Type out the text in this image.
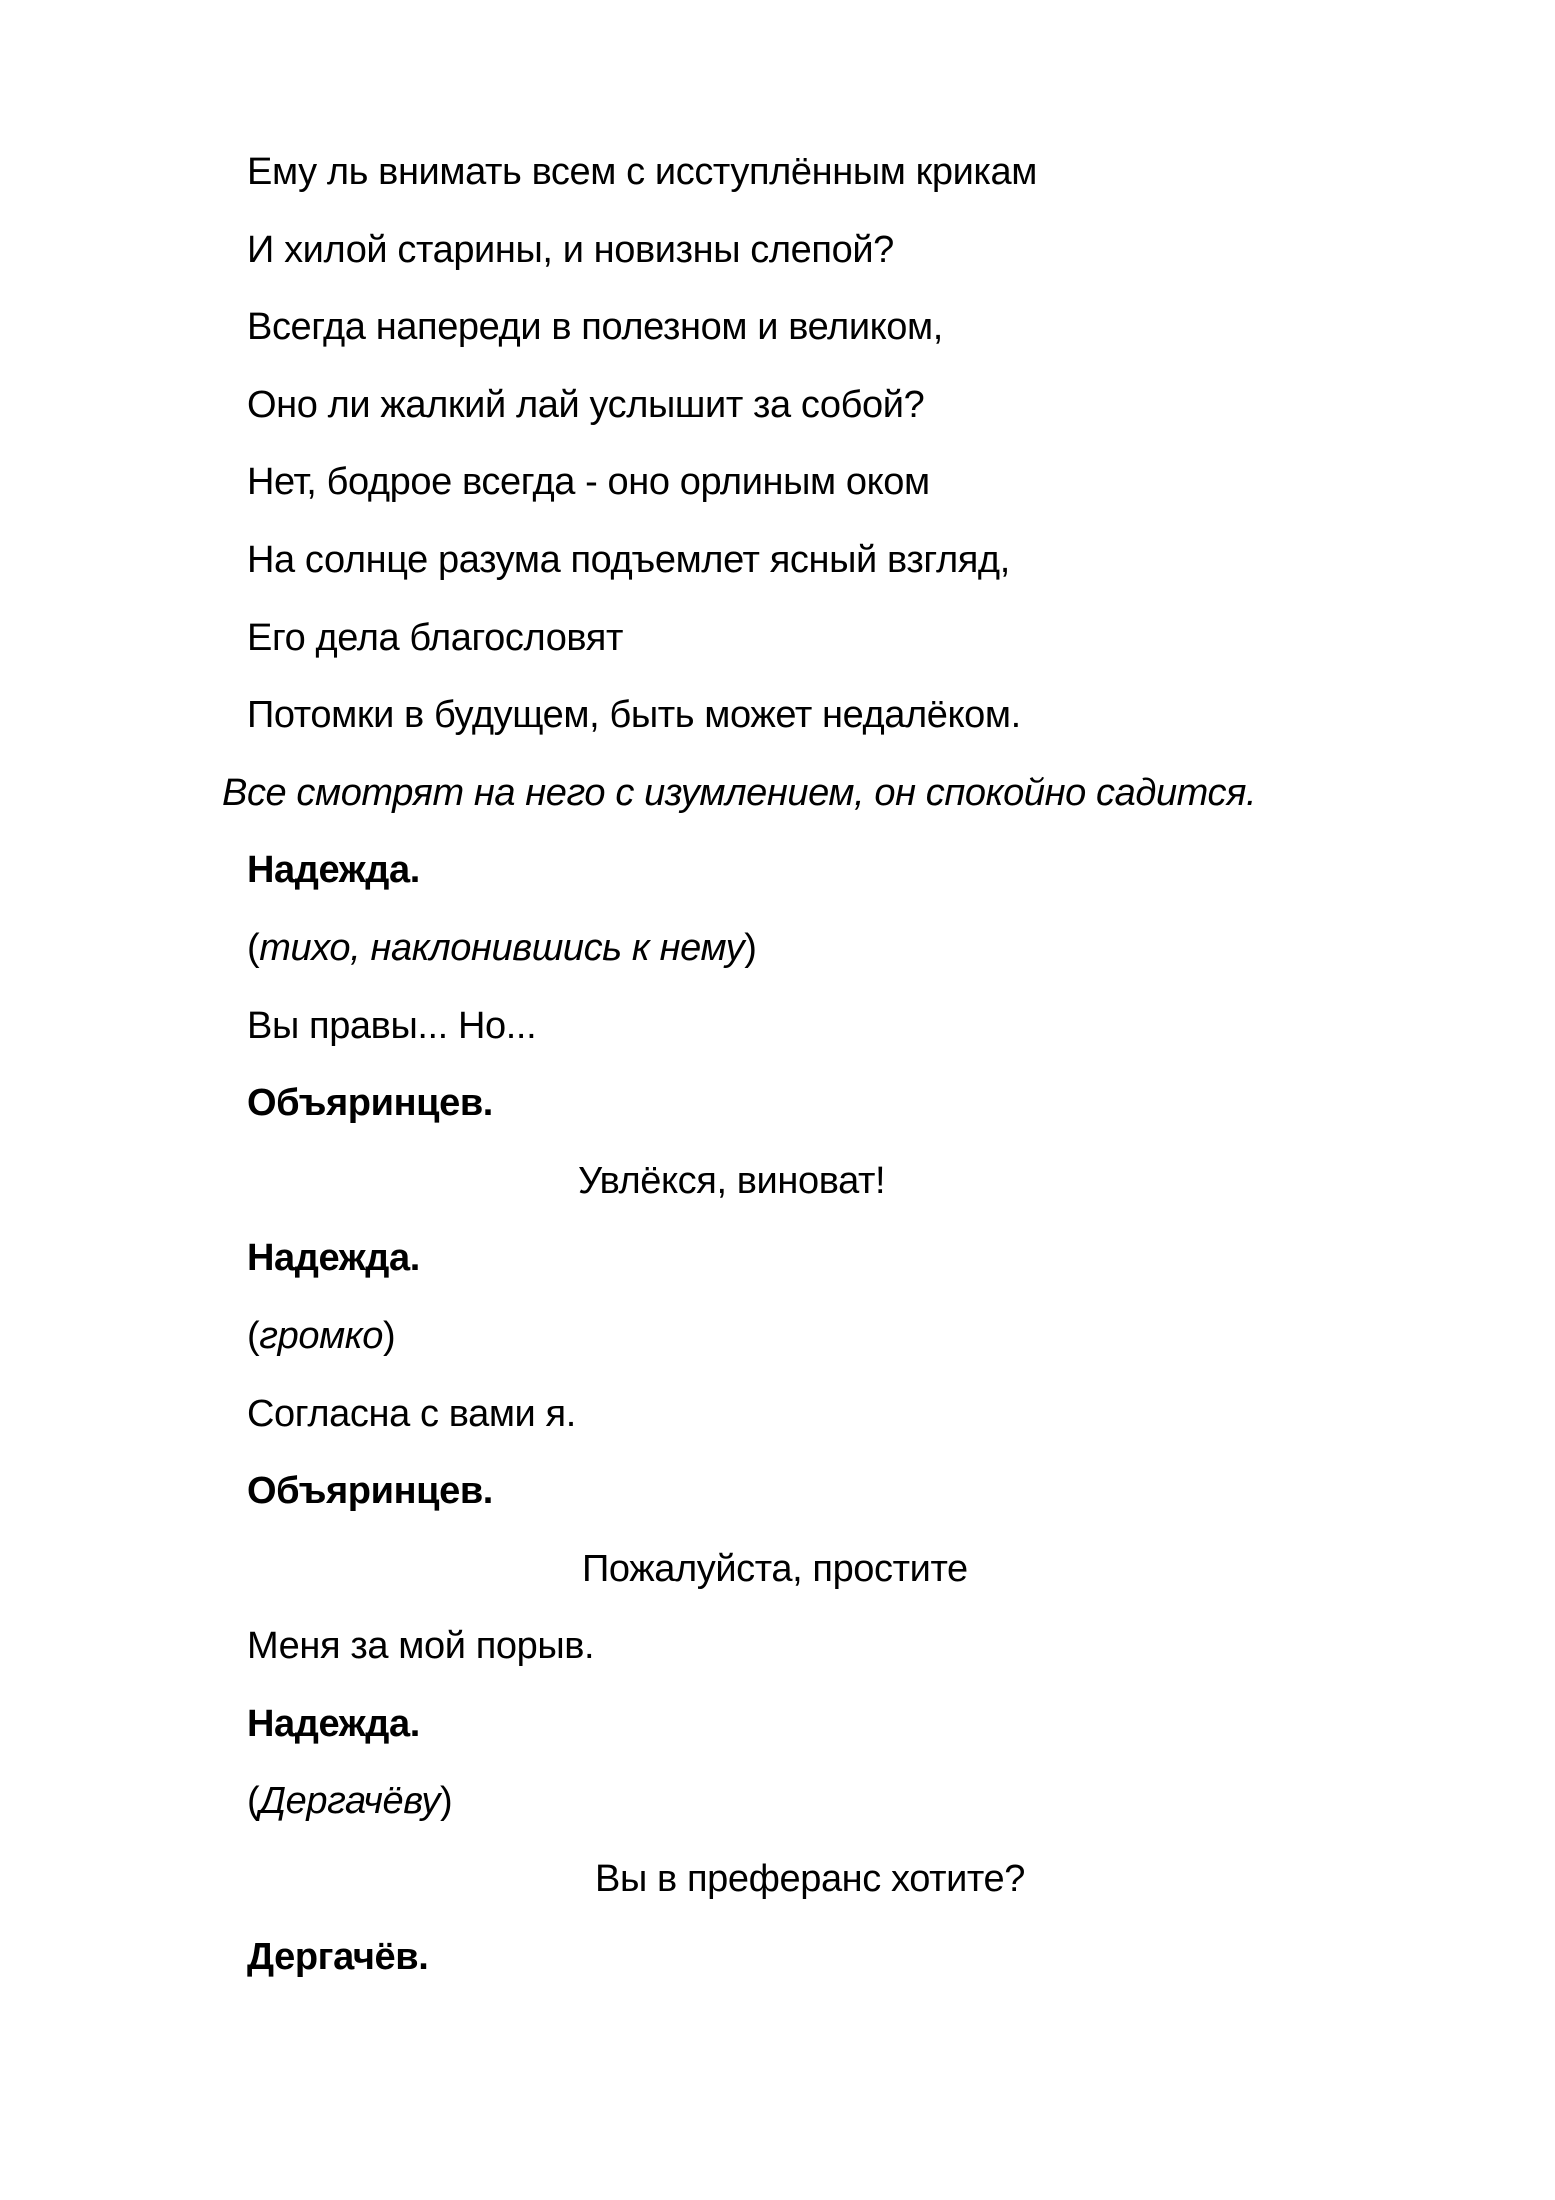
Ему ль внимать всем с исступлённым крикам
И хилой старины, и новизны слепой?
Всегда напереди в полезном и великом,
Оно ли жалкий лай услышит за собой?
Нет, бодрое всегда - оно орлиным оком
На солнце разума подъемлет ясный взгляд,
Его дела благословят
Потомки в будущем, быть может недалёком.
Все смотрят на него с изумлением, он спокойно садится.
Надежда.
(тихо, наклонившись к нему)
Вы правы... Но...
Объяринцев.
Увлёкся, виноват!
Надежда.
(громко)
Согласна с вами я.
Объяринцев.
Пожалуйста, простите
Меня за мой порыв.
Надежда.
(Дергачёву)
Вы в преферанс хотите?
Дергачёв.
